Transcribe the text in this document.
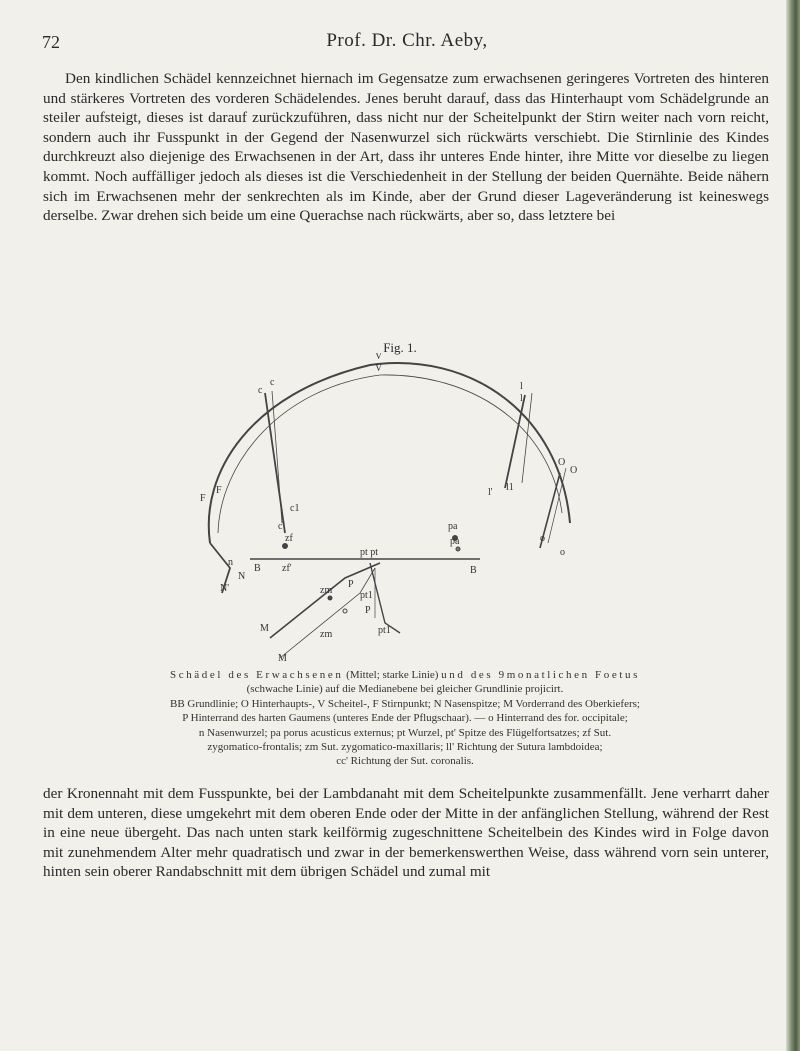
72	Prof. Dr. Chr. Aeby,

Den kindlichen Schädel kennzeichnet hiernach im Gegensatze zum erwachsenen geringeres Vortreten des hinteren und stärkeres Vortreten des vorderen Schädelendes. Jenes beruht darauf, dass das Hinterhaupt vom Schädelgrunde an steiler aufsteigt, dieses ist darauf zurückzuführen, dass nicht nur der Scheitelpunkt der Stirn weiter nach vorn reicht, sondern auch ihr Fusspunkt in der Gegend der Nasenwurzel sich rückwärts verschiebt. Die Stirnlinie des Kindes durchkreuzt also diejenige des Erwachsenen in der Art, dass ihr unteres Ende hinter, ihre Mitte vor dieselbe zu liegen kommt. Noch auffälliger jedoch als dieses ist die Verschiedenheit in der Stellung der beiden Quernähte. Beide nähern sich im Erwachsenen mehr der senkrechten als im Kinde, aber der Grund dieser Lageveränderung ist keineswegs derselbe. Zwar drehen sich beide um eine Querachse nach rückwärts, aber so, dass letztere bei

Fig. 1.
V
V
l
l
c
c
F
F
c1
c'
l' l1
O
O
pa
pa	o
o
zf
zf'
pt pt
B	B
n
N
N'	zm
zm
P
P
pt1
pt1
M
M
Schädel des Erwachsenen (Mittel; starke Linie) und des 9monatlichen Foetus
(schwache Linie) auf die Medianebene bei gleicher Grundlinie projicirt.
BB Grundlinie; O Hinterhaupts-, V Scheitel-, F Stirnpunkt; N Nasenspitze; M Vorderrand des Oberkiefers;
P Hinterrand des harten Gaumens (unteres Ende der Pflugschaar). — o Hinterrand des for. occipitale;
n Nasenwurzel; pa porus acusticus externus; pt Wurzel, pt' Spitze des Flügelfortsatzes; zf Sut.
zygomatico-frontalis; zm Sut. zygomatico-maxillaris; ll' Richtung der Sutura lambdoidea;
cc' Richtung der Sut. coronalis.

der Kronennaht mit dem Fusspunkte, bei der Lambdanaht mit dem Scheitelpunkte zusammenfällt. Jene verharrt daher mit dem unteren, diese umgekehrt mit dem oberen Ende oder der Mitte in der anfänglichen Stellung, während der Rest in eine neue übergeht. Das nach unten stark keilförmig zugeschnittene Scheitelbein des Kindes wird in Folge davon mit zunehmendem Alter mehr quadratisch und zwar in der bemerkenswerthen Weise, dass während vorn sein unterer, hinten sein oberer Randabschnitt mit dem übrigen Schädel und zumal mit
